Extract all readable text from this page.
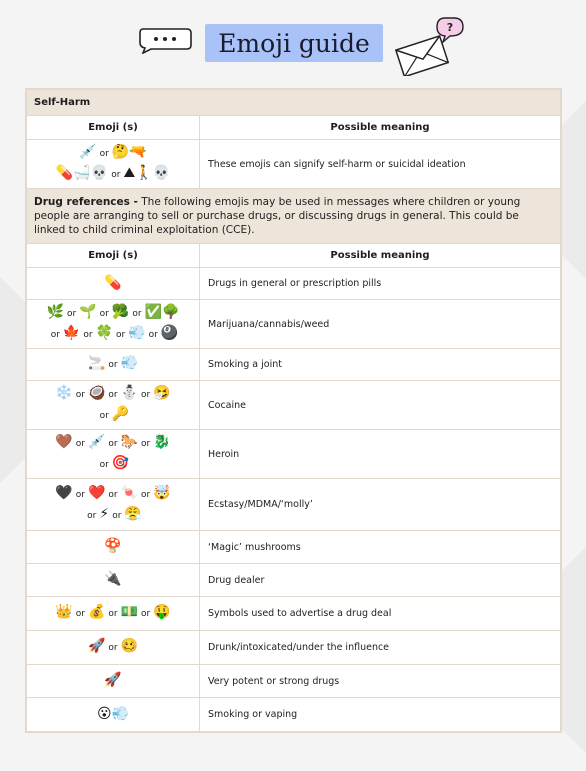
Emoji guide
?
Self-Harm	
Emoji (s)	Possible meaning

💉 or 🤔🔫
💊🛁💀 or ⛰🚶💀	These emojis can signify self-harm or suicidal ideation
Drug references - The following emojis may be used in messages where children or young people are arranging to sell or purchase drugs, or discussing drugs in general. This could be linked to child criminal exploitation (CCE).	
Emoji (s)	Possible meaning

💊	Drugs in general or prescription pills

🌿 or 🌱 or 🥦 or ✅🌳
or 🍁 or 🍀 or 💨 or 🎱	Marijuana/cannabis/weed

🚬 or 💨	Smoking a joint

❄️ or 🥥 or ⛄ or 🤧
or 🔑	Cocaine

🤎 or 💉 or 🐎 or 🐉
or 🎯	Heroin

🖤 or ❤️ or 🍬 or 🤯
or ⚡ or 😤	Ecstasy/MDMA/‘molly’

🍄	‘Magic’ mushrooms

🔌	Drug dealer

👑 or 💰 or 💵 or 🤑	Symbols used to advertise a drug deal

🚀 or 🥴	Drunk/intoxicated/under the influence

🚀	Very potent or strong drugs

😮💨	Smoking or vaping
